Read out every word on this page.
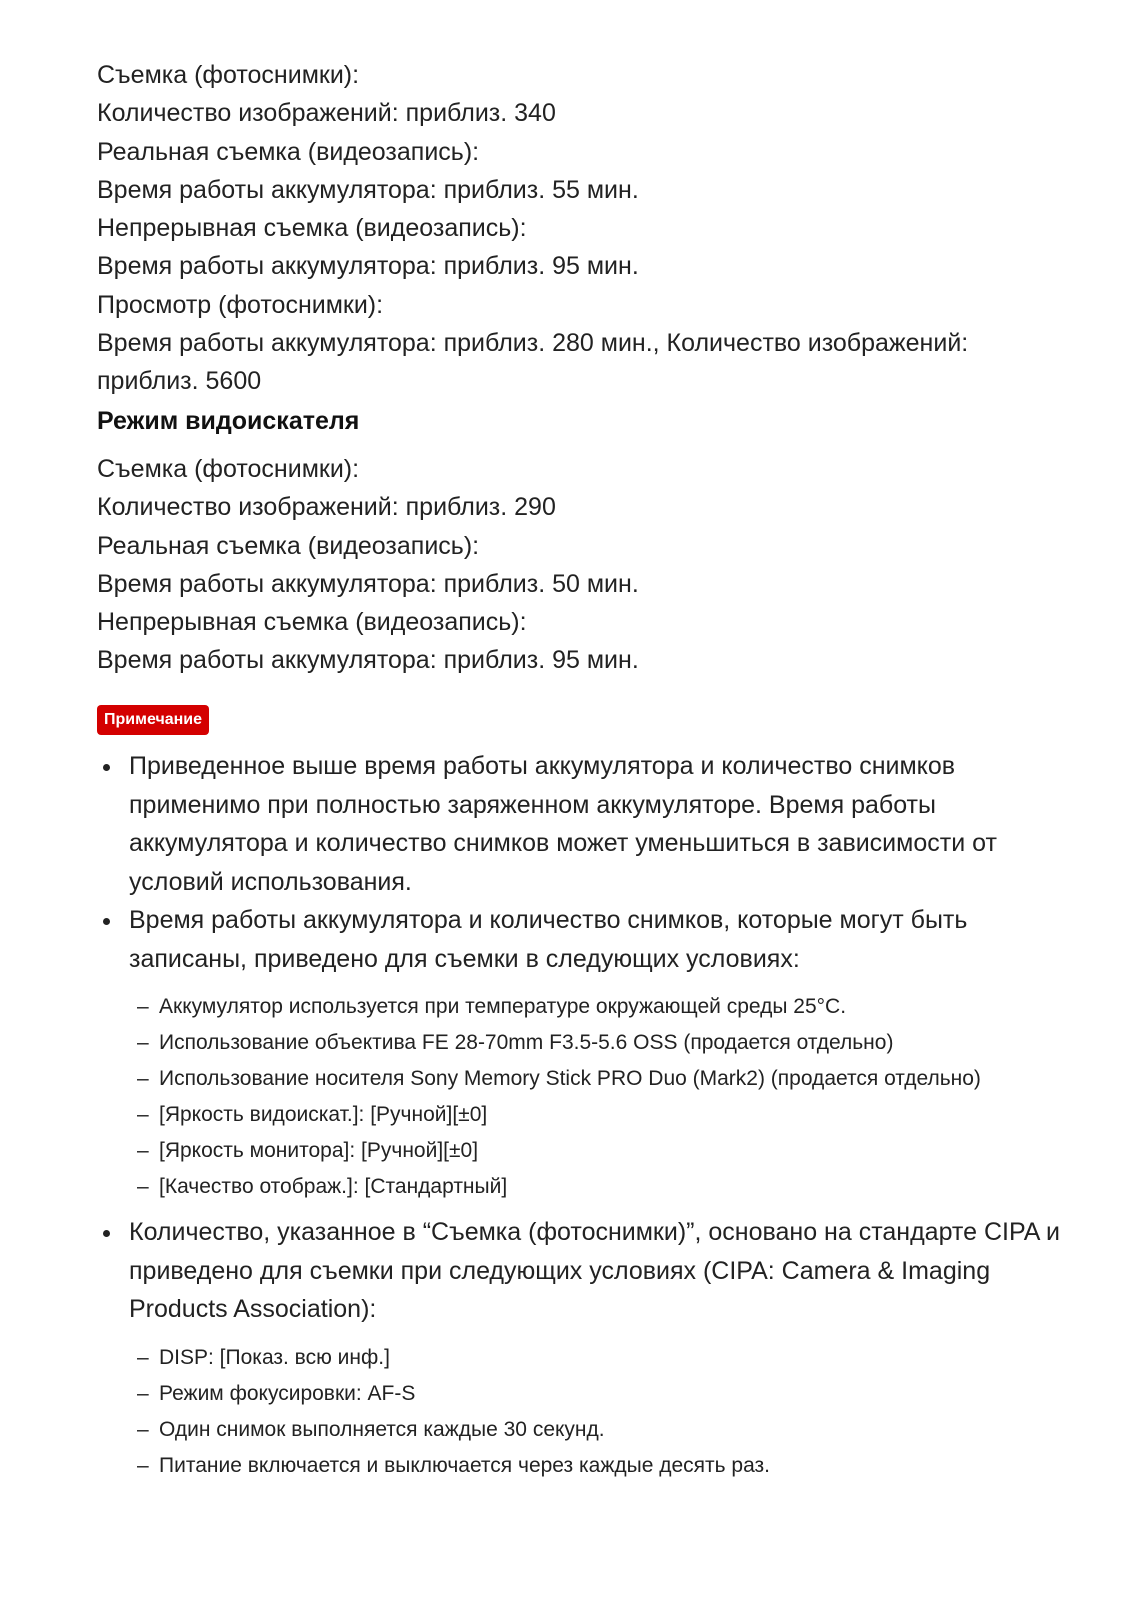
Съемка (фотоснимки):

Количество изображений: приблиз. 340

Реальная съемка (видеозапись):

Время работы аккумулятора: приблиз. 55 мин.

Непрерывная съемка (видеозапись):

Время работы аккумулятора: приблиз. 95 мин.

Просмотр (фотоснимки):

Время работы аккумулятора: приблиз. 280 мин., Количество изображений:

приблиз. 5600

Режим видоискателя

Съемка (фотоснимки):

Количество изображений: приблиз. 290

Реальная съемка (видеозапись):

Время работы аккумулятора: приблиз. 50 мин.

Непрерывная съемка (видеозапись):

Время работы аккумулятора: приблиз. 95 мин.

Примечание
Приведенное выше время работы аккумулятора и количество снимков применимо при полностью заряженном аккумуляторе. Время работы аккумулятора и количество снимков может уменьшиться в зависимости от условий использования.
Время работы аккумулятора и количество снимков, которые могут быть записаны, приведено для съемки в следующих условиях:
– Аккумулятор используется при температуре окружающей среды 25°C.
– Использование объектива FE 28-70mm F3.5-5.6 OSS (продается отдельно)
– Использование носителя Sony Memory Stick PRO Duo (Mark2) (продается отдельно)
– [Яркость видоискат.]: [Ручной][±0]
– [Яркость монитора]: [Ручной][±0]
– [Качество отображ.]: [Стандартный]
Количество, указанное в “Съемка (фотоснимки)”, основано на стандарте CIPA и приведено для съемки при следующих условиях (CIPA: Camera & Imaging Products Association):
– DISP: [Показ. всю инф.]
– Режим фокусировки: AF-S
– Один снимок выполняется каждые 30 секунд.
– Питание включается и выключается через каждые десять раз.
